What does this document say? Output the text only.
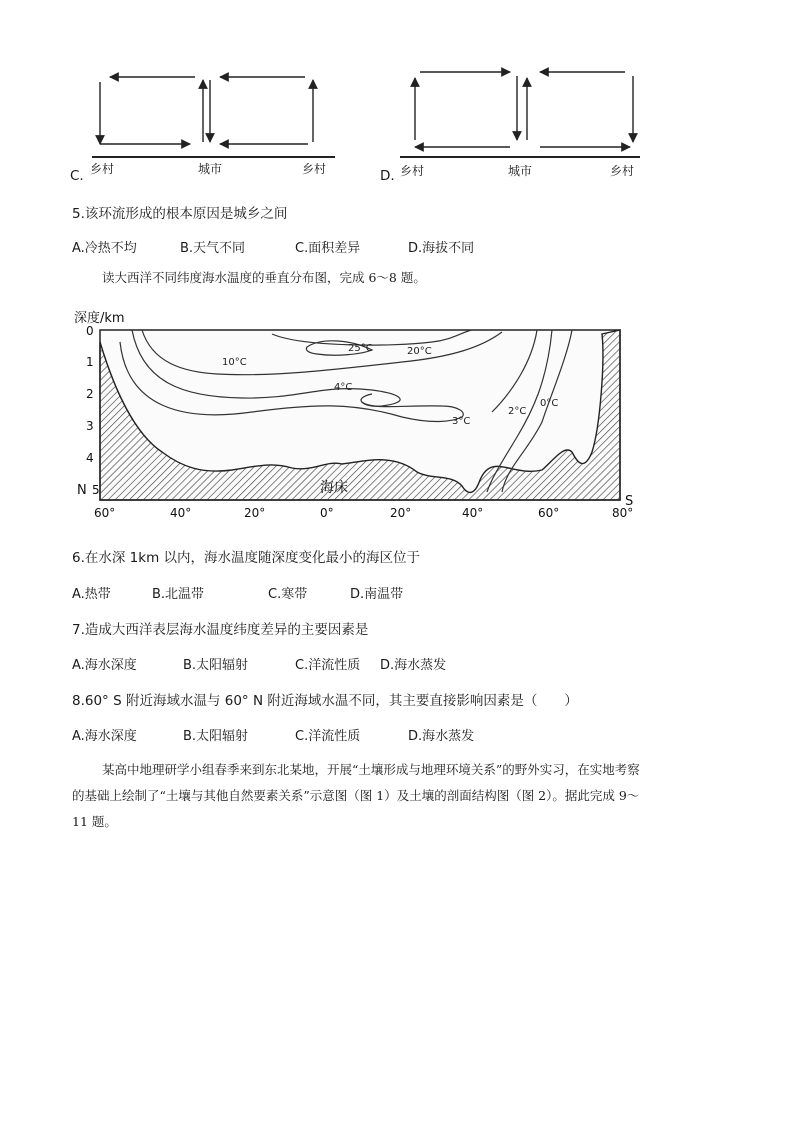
C. 乡村	城市	乡村	D. 乡村	城市	乡村
5.该环流形成的根本原因是城乡之间
A.冷热不均	B.天气不同	C.面积差异	D.海拔不同
读大西洋不同纬度海水温度的垂直分布图，完成 6～8 题。
25°C	20°C
10°C
4°C
3°C
2°C
0°C
海床
深度/km
0
1
2
3
4
5
N
S
60°	40°	20°	0°	20°	40°	60°	80°
6.在水深 1km 以内，海水温度随深度变化最小的海区位于
A.热带	B.北温带	C.寒带	D.南温带
7.造成大西洋表层海水温度纬度差异的主要因素是
A.海水深度	B.太阳辐射	C.洋流性质 D.海水蒸发
8.60° S 附近海域水温与 60° N 附近海域水温不同，其主要直接影响因素是（　　）
A.海水深度	B.太阳辐射	C.洋流性质	D.海水蒸发
某高中地理研学小组春季来到东北某地，开展“土壤形成与地理环境关系”的野外实习，在实地考察
的基础上绘制了“土壤与其他自然要素关系”示意图（图 1）及土壤的剖面结构图（图 2）。据此完成 9～
11 题。
